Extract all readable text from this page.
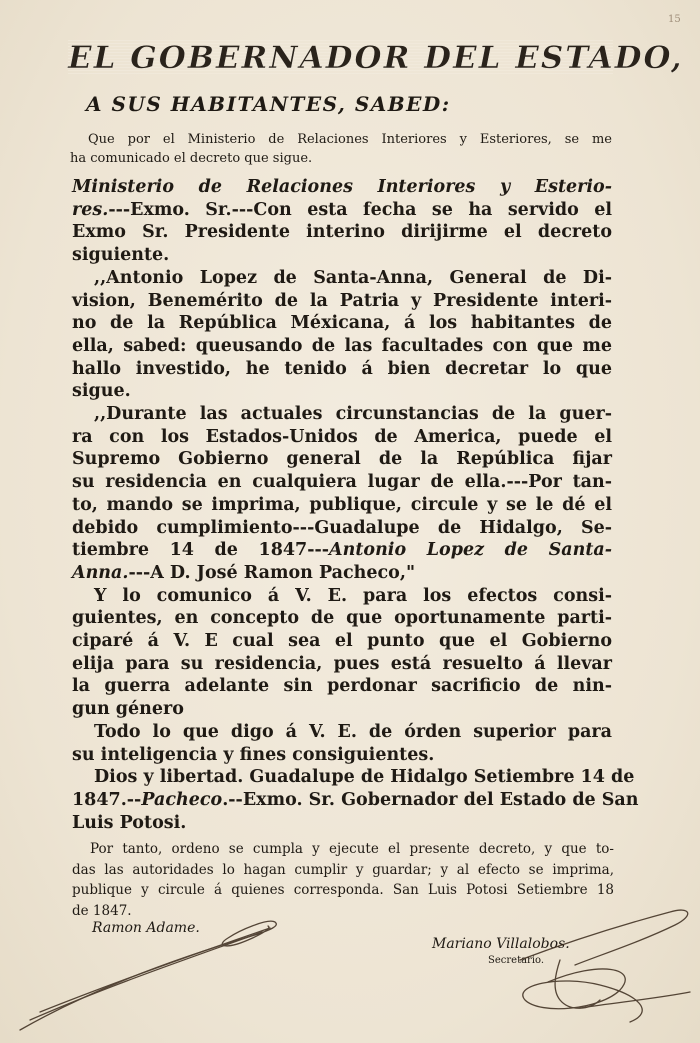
EL GOBERNADOR DEL ESTADO,
A SUS HABITANTES, SABED:
Que por el Ministerio de Relaciones Interiores y Esteriores, se me
ha comunicado el decreto que sigue.
Ministerio de Relaciones Interiores y Esterio-
res.---Exmo. Sr.---Con esta fecha se ha servido el
Exmo Sr. Presidente interino dirijirme el decreto
siguiente.
,,Antonio Lopez de Santa-Anna, General de Di-
vision, Benemérito de la Patria y Presidente interi-
no de la República Méxicana, á los habitantes de
ella, sabed: queusando de las facultades con que me
hallo investido, he tenido á bien decretar lo que
sigue.
,,Durante las actuales circunstancias de la guer-
ra con los Estados-Unidos de America, puede el
Supremo Gobierno general de la República fijar
su residencia en cualquiera lugar de ella.---Por tan-
to, mando se imprima, publique, circule y se le dé el
debido cumplimiento---Guadalupe de Hidalgo, Se-
tiembre 14 de 1847---Antonio Lopez de Santa-
Anna.---A D. José Ramon Pacheco,"
Y lo comunico á V. E. para los efectos consi-
guientes, en concepto de que oportunamente parti-
ciparé á V. E cual sea el punto que el Gobierno
elija para su residencia, pues está resuelto á llevar
la guerra adelante sin perdonar sacrificio de nin-
gun género
Todo lo que digo á V. E. de órden superior para
su inteligencia y fines consiguientes.
Dios y libertad. Guadalupe de Hidalgo Setiembre 14 de
1847.--Pacheco.--Exmo. Sr. Gobernador del Estado de San
Luis Potosi.
Por tanto, ordeno se cumpla y ejecute el presente decreto, y que to-
das las autoridades lo hagan cumplir y guardar; y al efecto se imprima,
publique y circule á quienes corresponda. San Luis Potosi Setiembre 18
de 1847.
Ramon Adame.
Mariano Villalobos.
Secretario.
15
